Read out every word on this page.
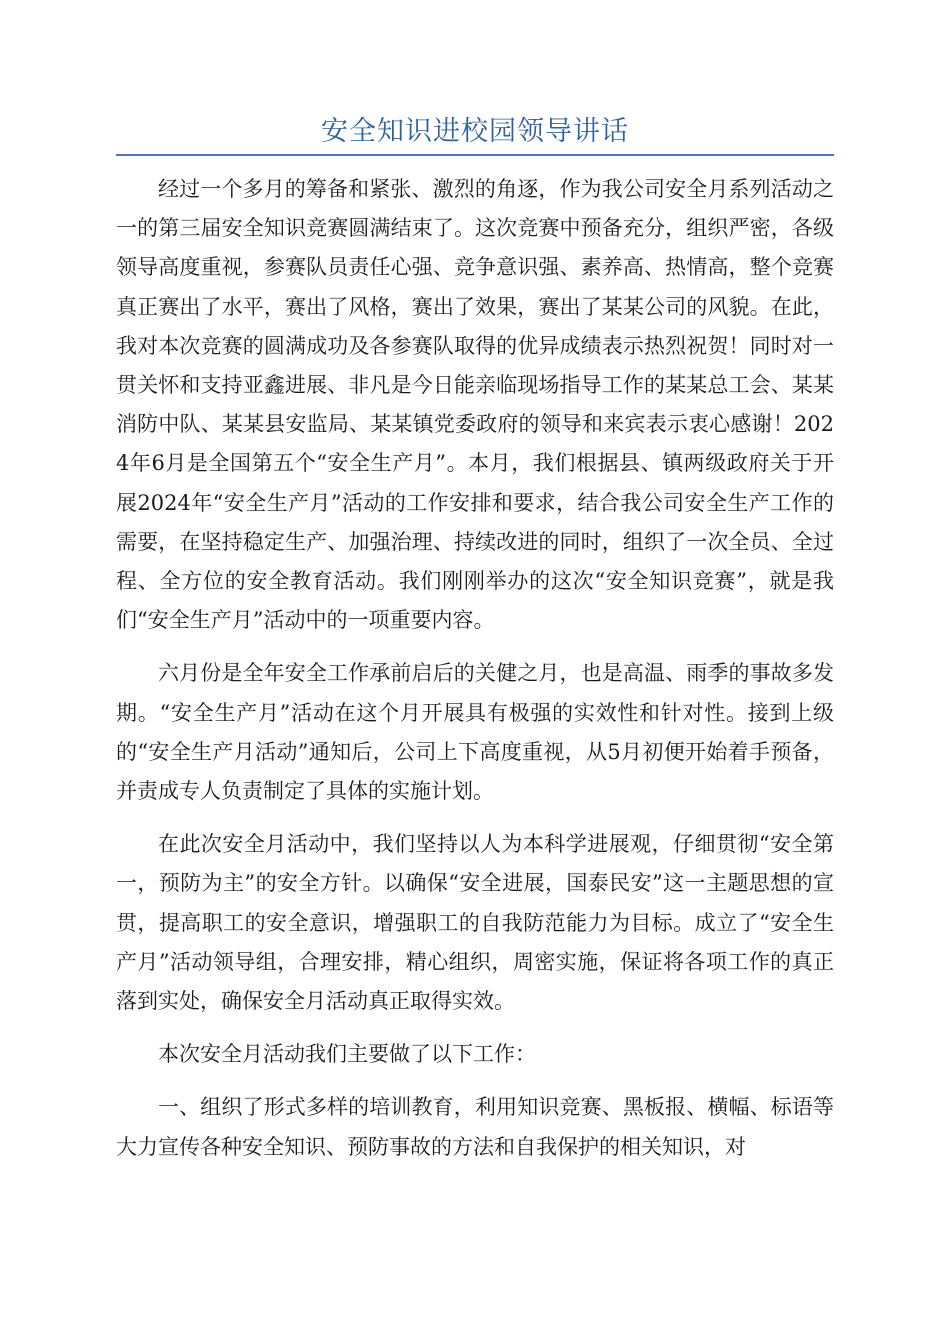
安全知识进校园领导讲话

经过一个多月的筹备和紧张、激烈的角逐，作为我公司安全月系列活动之一的第三届安全知识竞赛圆满结束了。这次竞赛中预备充分，组织严密，各级领导高度重视，参赛队员责任心强、竞争意识强、素养高、热情高，整个竞赛真正赛出了水平，赛出了风格，赛出了效果，赛出了某某公司的风貌。在此，我对本次竞赛的圆满成功及各参赛队取得的优异成绩表示热烈祝贺！同时对一贯关怀和支持亚鑫进展、非凡是今日能亲临现场指导工作的某某总工会、某某消防中队、某某县安监局、某某镇党委政府的领导和来宾表示衷心感谢！2024年6月是全国第五个“安全生产月”。本月，我们根据县、镇两级政府关于开展2024年“安全生产月”活动的工作安排和要求，结合我公司安全生产工作的需要，在坚持稳定生产、加强治理、持续改进的同时，组织了一次全员、全过程、全方位的安全教育活动。我们刚刚举办的这次“安全知识竞赛”，就是我们“安全生产月”活动中的一项重要内容。

六月份是全年安全工作承前启后的关健之月，也是高温、雨季的事故多发期。“安全生产月”活动在这个月开展具有极强的实效性和针对性。接到上级的“安全生产月活动”通知后，公司上下高度重视，从5月初便开始着手预备，并责成专人负责制定了具体的实施计划。

在此次安全月活动中，我们坚持以人为本科学进展观，仔细贯彻“安全第一，预防为主”的安全方针。以确保“安全进展，国泰民安”这一主题思想的宣贯，提高职工的安全意识，增强职工的自我防范能力为目标。成立了“安全生产月”活动领导组，合理安排，精心组织，周密实施，保证将各项工作的真正落到实处，确保安全月活动真正取得实效。

本次安全月活动我们主要做了以下工作：

一、组织了形式多样的培训教育，利用知识竞赛、黑板报、横幅、标语等大力宣传各种安全知识、预防事故的方法和自我保护的相关知识，对
